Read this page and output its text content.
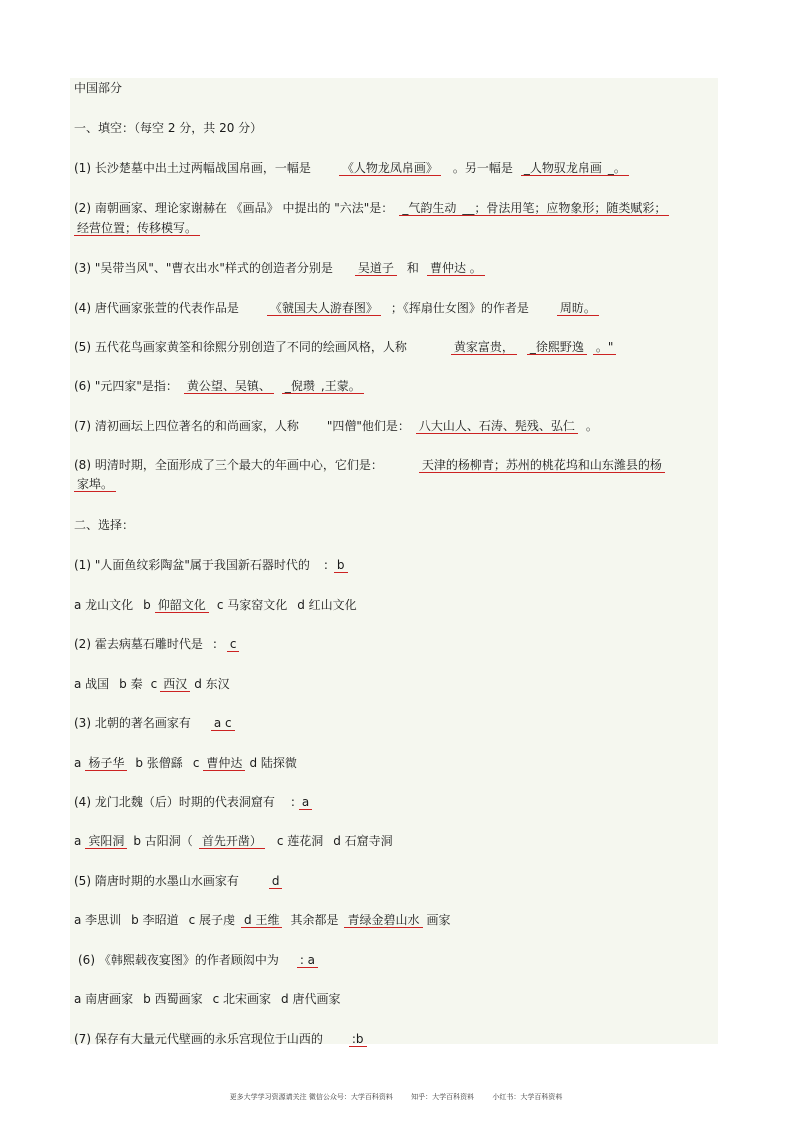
中国部分
一、填空：（每空 2 分，共 20 分）
(1) 长沙楚墓中出土过两幅战国帛画，一幅是	《人物龙凤帛画》 。另一幅是 _人物驭龙帛画 _。
(2) 南朝画家、理论家谢赫在 《画品》 中提出的 "六法"是： _气韵生动 __；骨法用笔；应物象形；随类赋彩；
经营位置；传移模写。
(3) "吴带当风"、"曹衣出水"样式的创造者分别是 吴道子 和 曹仲达 。
(4) 唐代画家张萱的代表作品是	《虢国夫人游春图》 ；《挥扇仕女图》的作者是	周昉。
(5) 五代花鸟画家黄筌和徐熙分别创造了不同的绘画风格，人称	黄家富贵， _徐熙野逸 。"
(6) "元四家"是指： 黄公望、吴镇、 _倪瓒 ,王蒙。
(7) 清初画坛上四位著名的和尚画家，人称 "四僧"他们是： 八大山人、石涛、髡残、弘仁 。
(8) 明清时期，全面形成了三个最大的年画中心，它们是：	天津的杨柳青；苏州的桃花坞和山东潍县的杨
家埠。
二、选择：
(1) "人面鱼纹彩陶盆"属于我国新石器时代的 : b
a 龙山文化 b 仰韶文化 c 马家窑文化 d 红山文化
(2) 霍去病墓石雕时代是 : c
a 战国 b 秦 c 西汉 d 东汉
(3) 北朝的著名画家有 a c
a 杨子华 b 张僧繇 c 曹仲达 d 陆探微
(4) 龙门北魏（后）时期的代表洞窟有 : a
a 宾阳洞 b 古阳洞（ 首先开凿） c 莲花洞 d 石窟寺洞
(5) 隋唐时期的水墨山水画家有	d
a 李思训 b 李昭道 c 展子虔 d 王维 其余都是 青绿金碧山水 画家
(6) 《韩熙载夜宴图》的作者顾闳中为 : a
a 南唐画家 b 西蜀画家 c 北宋画家 d 唐代画家
(7) 保存有大量元代壁画的永乐宫现位于山西的 :b
更多大学学习资源请关注 微信公众号：大学百科资料	知乎：大学百科资料	小红书：大学百科资料
